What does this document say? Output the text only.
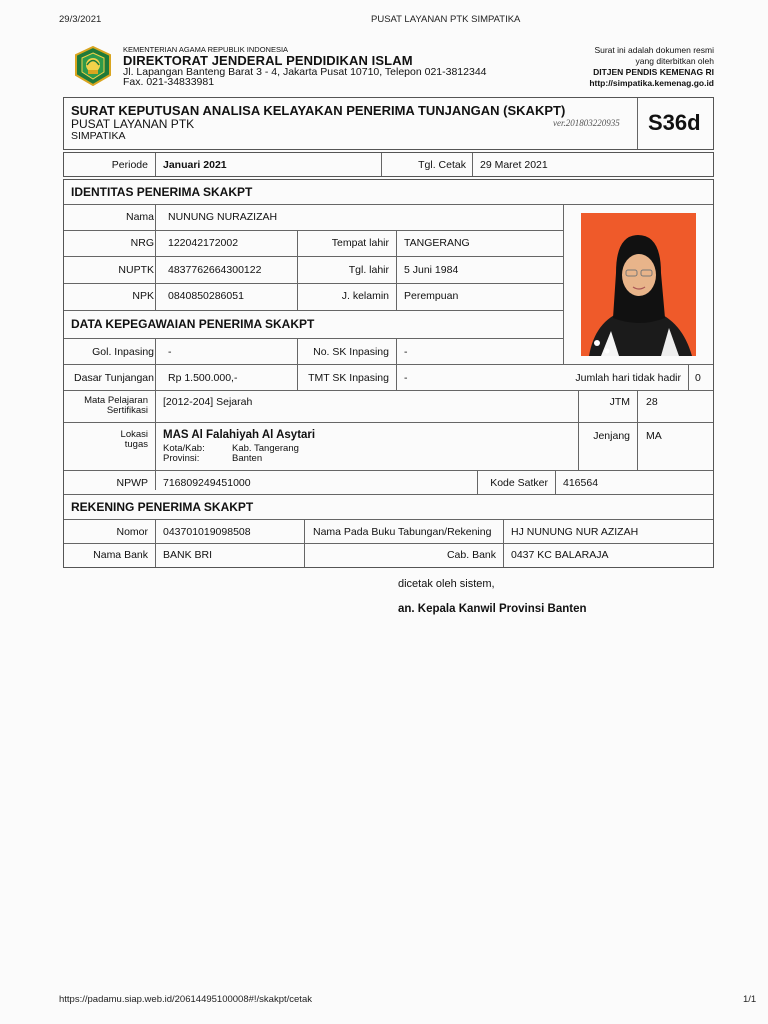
29/3/2021	PUSAT LAYANAN PTK SIMPATIKA
KEMENTERIAN AGAMA REPUBLIK INDONESIA
DIREKTORAT JENDERAL PENDIDIKAN ISLAM
Jl. Lapangan Banteng Barat 3 - 4, Jakarta Pusat 10710, Telepon 021-3812344
Fax. 021-34833981
Surat ini adalah dokumen resmi
yang diterbitkan oleh
DITJEN PENDIS KEMENAG RI
http://simpatika.kemenag.go.id
SURAT KEPUTUSAN ANALISA KELAYAKAN PENERIMA TUNJANGAN (SKAKPT)
PUSAT LAYANAN PTK
SIMPATIKA
ver.201803220935 S36d
Periode Januari 2021	Tgl. Cetak 29 Maret 2021
IDENTITAS PENERIMA SKAKPT
Nama NUNUNG NURAZIZAH
NRG 122042172002	Tempat lahir TANGERANG
NUPTK 4837762664300122	Tgl. lahir 5 Juni 1984
NPK 0840850286051	J. kelamin Perempuan
DATA KEPEGAWAIAN PENERIMA SKAKPT
Gol. Inpasing -	No. SK Inpasing -
Dasar Tunjangan Rp 1.500.000,-	TMT SK Inpasing -	Jumlah hari tidak hadir 0
Mata Pelajaran
Sertifikasi
[2012-204] Sejarah	JTM 28
Lokasi
tugas
MAS Al Falahiyah Al Asytari
Kota/Kab:	Kab. Tangerang
Provinsi:	Banten
Jenjang MA
NPWP 716809249451000	Kode Satker 416564
REKENING PENERIMA SKAKPT
Nomor 043701019098508	Nama Pada Buku Tabungan/Rekening HJ NUNUNG NUR AZIZAH
Nama Bank BANK BRI	Cab. Bank 0437 KC BALARAJA
dicetak oleh sistem,
an. Kepala Kanwil Provinsi Banten
https://padamu.siap.web.id/20614495100008#!/skakpt/cetak	1/1
